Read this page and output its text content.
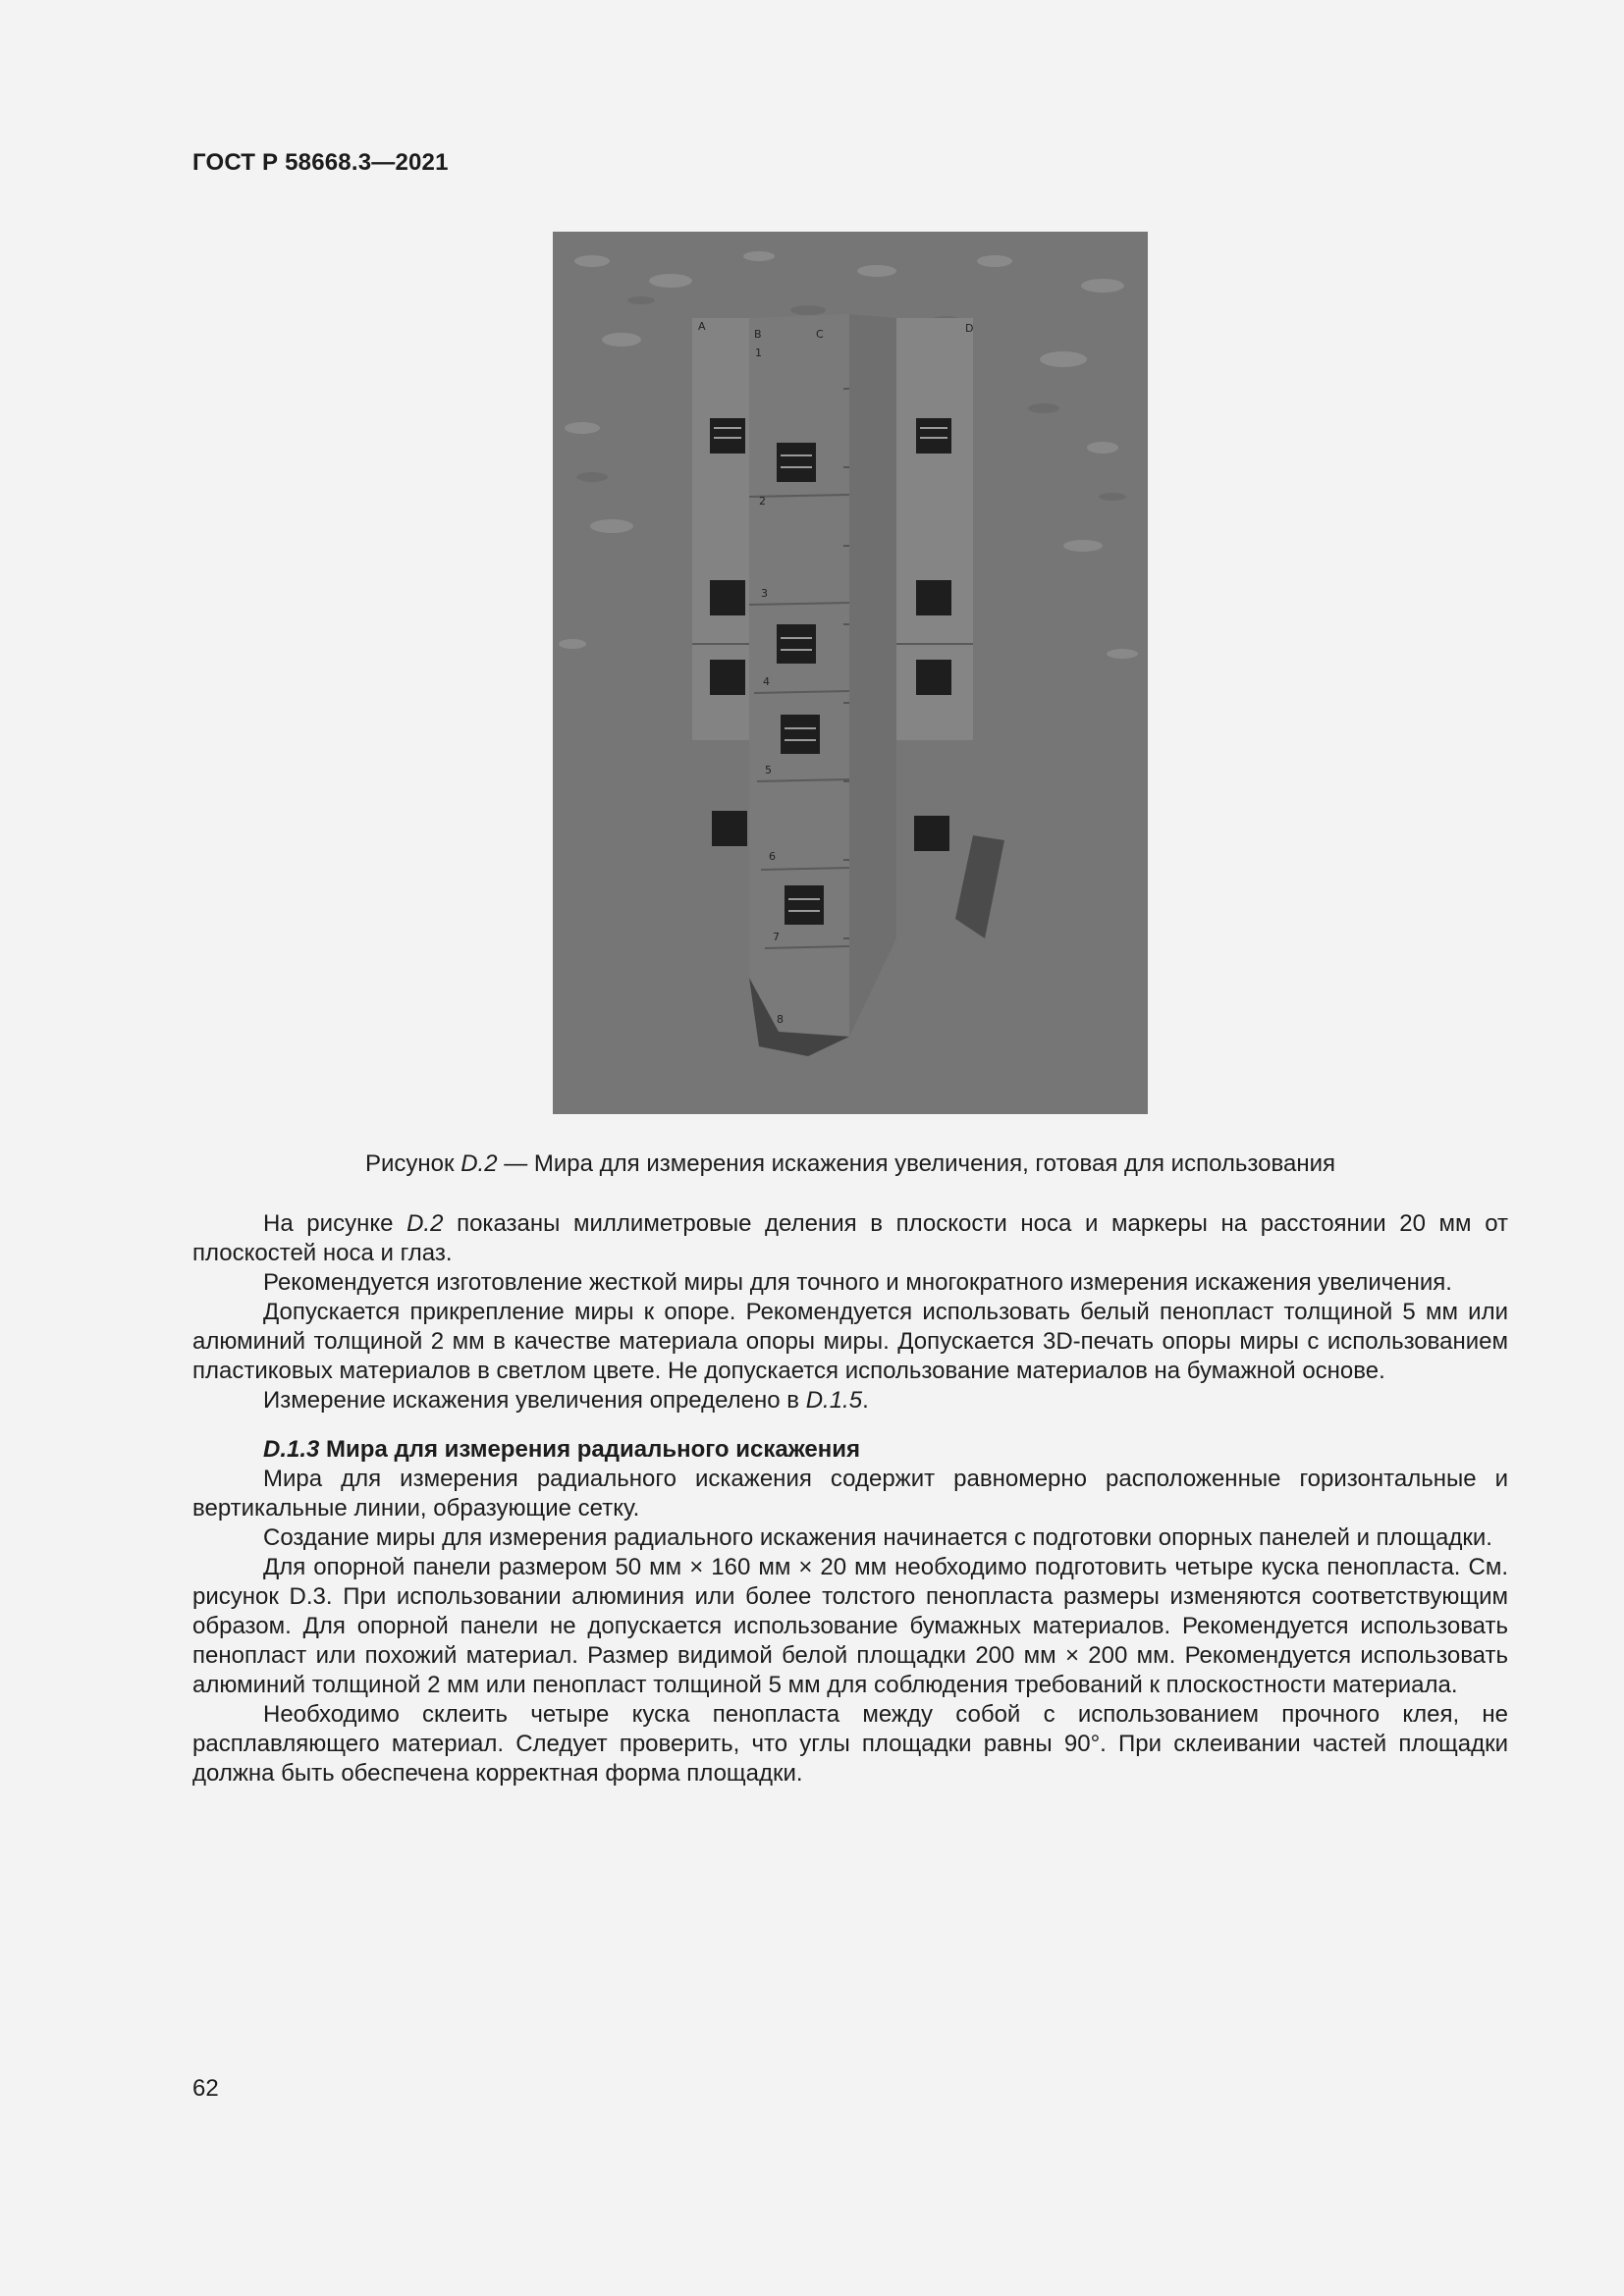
ГОСТ Р 58668.3—2021
A
B	C	D
1
2
3
4
5
6
7
8
Рисунок D.2 — Мира для измерения искажения увеличения, готовая для использования

На рисунке D.2 показаны миллиметровые деления в плоскости носа и маркеры на расстоянии 20 мм от плоскостей носа и глаз.

Рекомендуется изготовление жесткой миры для точного и многократного измерения искажения увеличения.

Допускается прикрепление миры к опоре. Рекомендуется использовать белый пенопласт толщиной 5 мм или алюминий толщиной 2 мм в качестве материала опоры миры. Допускается 3D-печать опоры миры с использованием пластиковых материалов в светлом цвете. Не допускается использование материалов на бумажной основе.

Измерение искажения увеличения определено в D.1.5.

D.1.3 Мира для измерения радиального искажения

Мира для измерения радиального искажения содержит равномерно расположенные горизонтальные и вертикальные линии, образующие сетку.

Создание миры для измерения радиального искажения начинается с подготовки опорных панелей и площадки.

Для опорной панели размером 50 мм × 160 мм × 20 мм необходимо подготовить четыре куска пенопласта. См. рисунок D.3. При использовании алюминия или более толстого пенопласта размеры изменяются соответствующим образом. Для опорной панели не допускается использование бумажных материалов. Рекомендуется использовать пенопласт или похожий материал. Размер видимой белой площадки 200 мм × 200 мм. Рекомендуется использовать алюминий толщиной 2 мм или пенопласт толщиной 5 мм для соблюдения требований к плоскостности материала.

Необходимо склеить четыре куска пенопласта между собой с использованием прочного клея, не расплавляющего материал. Следует проверить, что углы площадки равны 90°. При склеивании частей площадки должна быть обеспечена корректная форма площадки.

62
